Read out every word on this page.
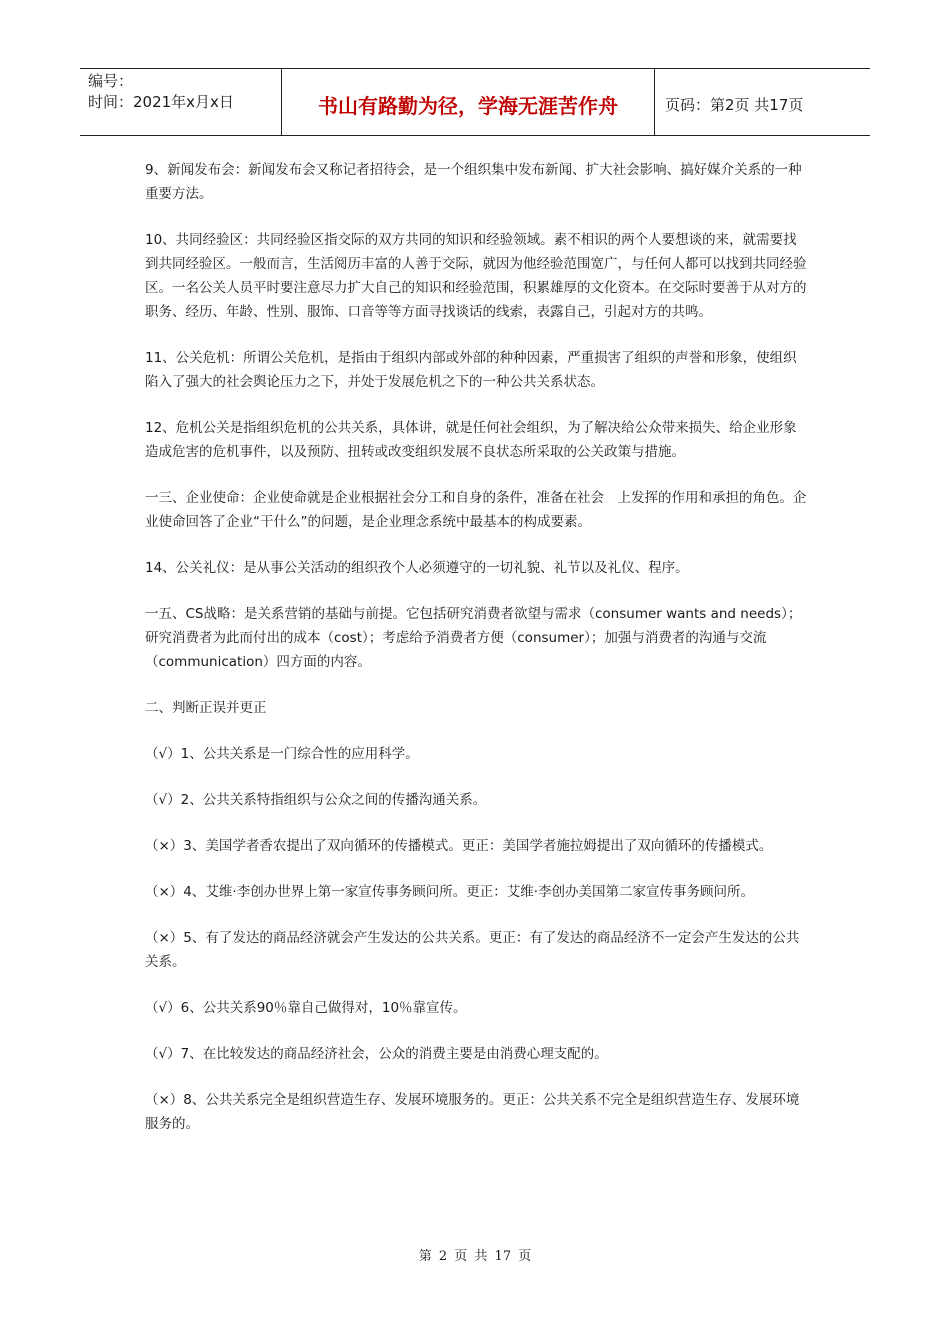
编号：
时间：2021年x月x日	书山有路勤为径，学海无涯苦作舟	页码：第2页 共17页

9、新闻发布会：新闻发布会又称记者招待会，是一个组织集中发布新闻、扩大社会影响、搞好媒介关系的一种重要方法。

10、共同经验区：共同经验区指交际的双方共同的知识和经验领域。素不相识的两个人要想谈的来，就需要找到共同经验区。一般而言，生活阅历丰富的人善于交际，就因为他经验范围宽广，与任何人都可以找到共同经验区。一名公关人员平时要注意尽力扩大自己的知识和经验范围，积累雄厚的文化资本。在交际时要善于从对方的职务、经历、年龄、性别、服饰、口音等等方面寻找谈话的线索，表露自己，引起对方的共鸣。

11、公关危机：所谓公关危机，是指由于组织内部或外部的种种因素，严重损害了组织的声誉和形象，使组织陷入了强大的社会舆论压力之下，并处于发展危机之下的一种公共关系状态。

12、危机公关是指组织危机的公共关系，具体讲，就是任何社会组织，为了解决给公众带来损失、给企业形象造成危害的危机事件，以及预防、扭转或改变组织发展不良状态所采取的公关政策与措施。

一三、企业使命：企业使命就是企业根据社会分工和自身的条件，准备在社会　上发挥的作用和承担的角色。企业使命回答了企业“干什么”的问题，是企业理念系统中最基本的构成要素。

14、公关礼仪：是从事公关活动的组织孜个人必须遵守的一切礼貌、礼节以及礼仪、程序。

一五、CS战略：是关系营销的基础与前提。它包括研究消费者欲望与需求（consumer wants and needs）；研究消费者为此而付出的成本（cost）；考虑给予消费者方便（consumer）；加强与消费者的沟通与交流（communication）四方面的内容。

二、判断正误并更正

（√）1、公共关系是一门综合性的应用科学。

（√）2、公共关系特指组织与公众之间的传播沟通关系。

（×）3、美国学者香农提出了双向循环的传播模式。更正：美国学者施拉姆提出了双向循环的传播模式。

（×）4、艾维·李创办世界上第一家宣传事务顾问所。更正：艾维·李创办美国第二家宣传事务顾问所。

（×）5、有了发达的商品经济就会产生发达的公共关系。更正：有了发达的商品经济不一定会产生发达的公共关系。

（√）6、公共关系90％靠自己做得对，10％靠宣传。

（√）7、在比较发达的商品经济社会，公众的消费主要是由消费心理支配的。

（×）8、公共关系完全是组织营造生存、发展环境服务的。更正：公共关系不完全是组织营造生存、发展环境服务的。

第 2 页 共 17 页
